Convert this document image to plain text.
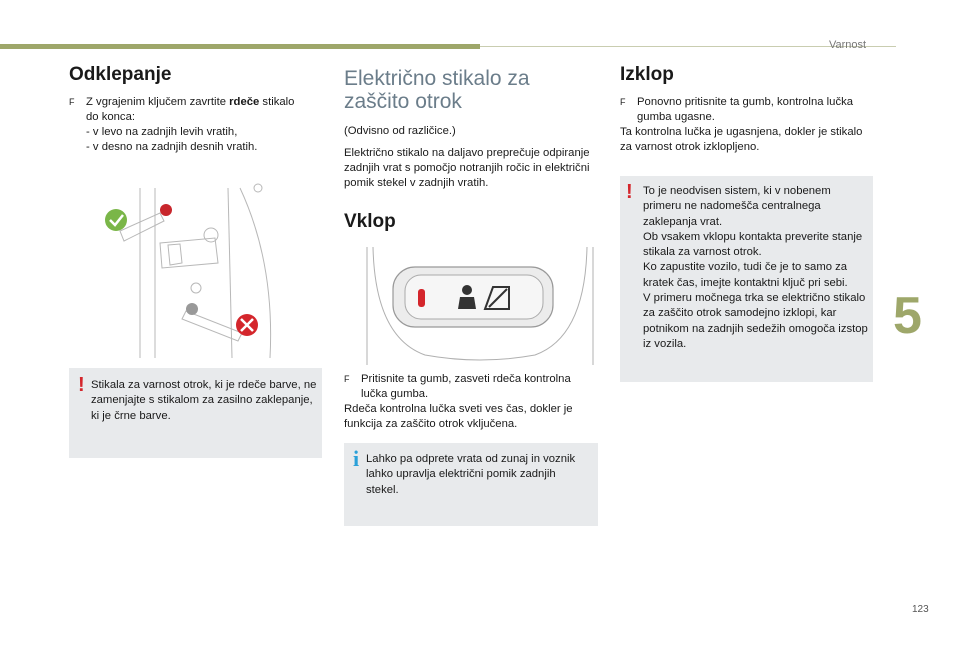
Varnost
5
123
Odklepanje

F Z vgrajenim ključem zavrtite rdeče stikalo
do konca:

- v levo na zadnjih levih vratih,

- v desno na zadnjih desnih vratih.

! Stikala za varnost otrok, ki je rdeče barve, ne zamenjajte s stikalom za zasilno zaklepanje, ki je črne barve.

Električno stikalo za
zaščito otrok

(Odvisno od različice.)

Električno stikalo na daljavo preprečuje odpiranje zadnjih vrat s pomočjo notranjih ročic in električni pomik stekel v zadnjih vratih.

Vklop

F Pritisnite ta gumb, zasveti rdeča kontrolna lučka gumba.

Rdeča kontrolna lučka sveti ves čas, dokler je funkcija za zaščito otrok vključena.

i Lahko pa odprete vrata od zunaj in voznik lahko upravlja električni pomik zadnjih stekel.

Izklop

F Ponovno pritisnite ta gumb, kontrolna lučka gumba ugasne.

Ta kontrolna lučka je ugasnjena, dokler je stikalo za varnost otrok izklopljeno.

! To je neodvisen sistem, ki v nobenem primeru ne nadomešča centralnega zaklepanja vrat.
Ob vsakem vklopu kontakta preverite stanje stikala za varnost otrok.
Ko zapustite vozilo, tudi če je to samo za kratek čas, imejte kontaktni ključ pri sebi.
V primeru močnega trka se električno stikalo za zaščito otrok samodejno izklopi, kar potnikom na zadnjih sedežih omogoča izstop iz vozila.
